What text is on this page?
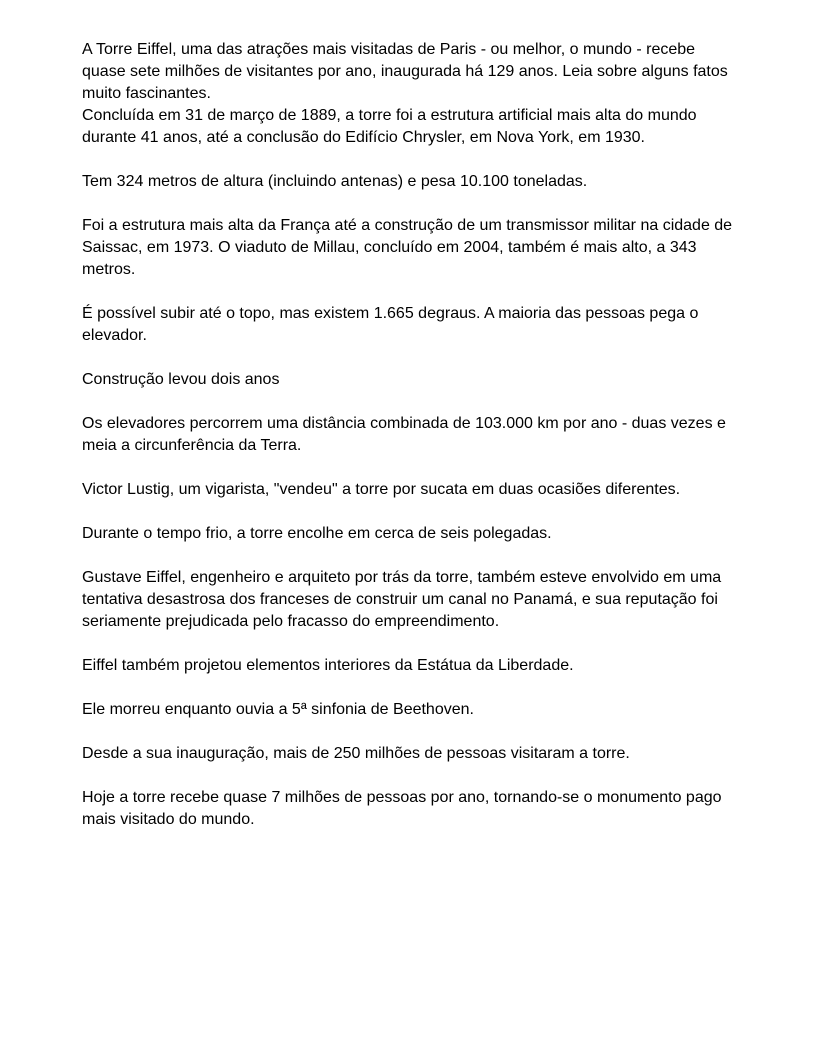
A Torre Eiffel, uma das atrações mais visitadas de Paris - ou melhor, o mundo - recebe quase sete milhões de visitantes por ano, inaugurada há 129 anos. Leia sobre alguns fatos muito fascinantes.

Concluída em 31 de março de 1889, a torre foi a estrutura artificial mais alta do mundo durante 41 anos, até a conclusão do Edifício Chrysler, em Nova York, em 1930.

Tem 324 metros de altura (incluindo antenas) e pesa 10.100 toneladas.

Foi a estrutura mais alta da França até a construção de um transmissor militar na cidade de Saissac, em 1973. O viaduto de Millau, concluído em 2004, também é mais alto, a 343 metros.

É possível subir até o topo, mas existem 1.665 degraus. A maioria das pessoas pega o elevador.

Construção levou dois anos

Os elevadores percorrem uma distância combinada de 103.000 km por ano - duas vezes e meia a circunferência da Terra.

Victor Lustig, um vigarista, "vendeu" a torre por sucata em duas ocasiões diferentes.

Durante o tempo frio, a torre encolhe em cerca de seis polegadas.

Gustave Eiffel, engenheiro e arquiteto por trás da torre, também esteve envolvido em uma tentativa desastrosa dos franceses de construir um canal no Panamá, e sua reputação foi seriamente prejudicada pelo fracasso do empreendimento.

Eiffel também projetou elementos interiores da Estátua da Liberdade.

Ele morreu enquanto ouvia a 5ª sinfonia de Beethoven.

Desde a sua inauguração, mais de 250 milhões de pessoas visitaram a torre.

Hoje a torre recebe quase 7 milhões de pessoas por ano, tornando-se o monumento pago mais visitado do mundo.
